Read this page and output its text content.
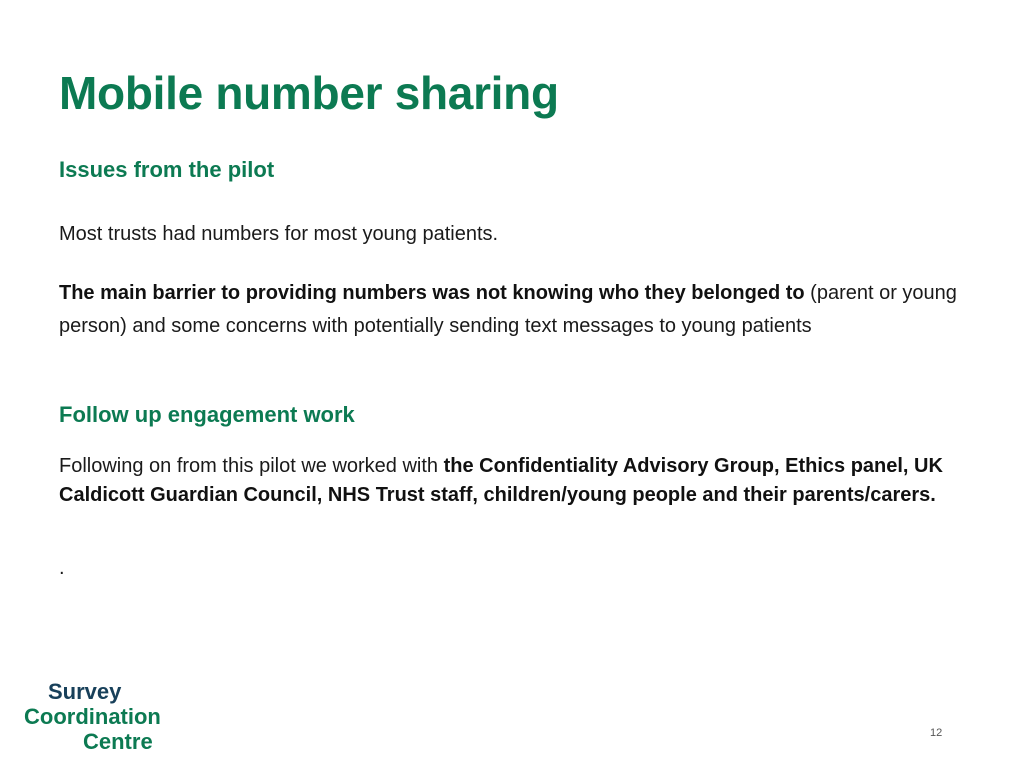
Mobile number sharing
Issues from the pilot

Most trusts had numbers for most young patients.

The main barrier to providing numbers was not knowing who they belonged to (parent or young person) and some concerns with potentially sending text messages to young patients

Follow up engagement work

Following on from this pilot we worked with the Confidentiality Advisory Group, Ethics panel, UK Caldicott Guardian Council, NHS Trust staff, children/young people and their parents/carers.

.

Survey
Coordination
Centre	12
